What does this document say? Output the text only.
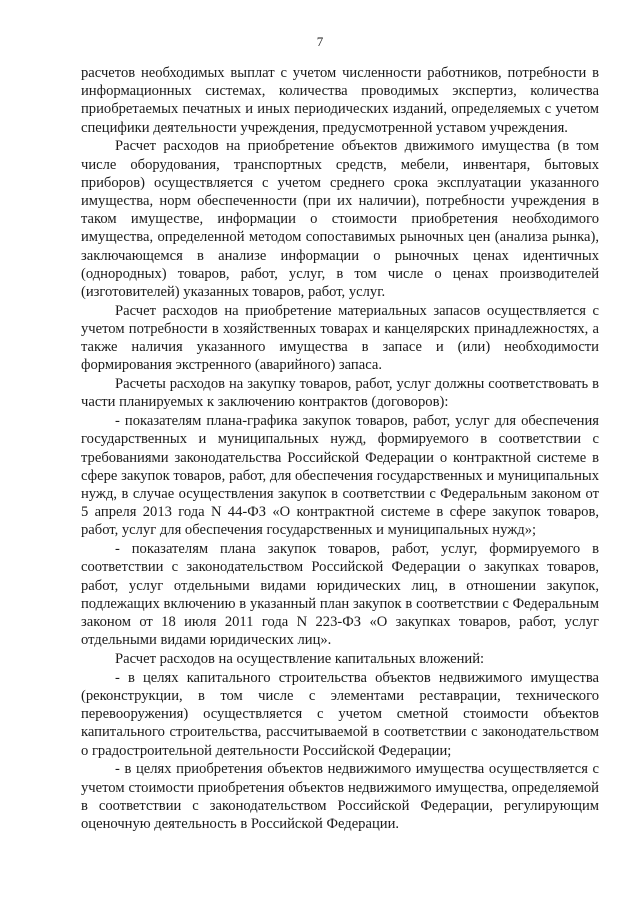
7

расчетов необходимых выплат с учетом численности работников, потребности в информационных системах, количества проводимых экспертиз, количества приобретаемых печатных и иных периодических изданий, определяемых с учетом специфики деятельности учреждения, предусмотренной уставом учреждения.

Расчет расходов на приобретение объектов движимого имущества (в том числе оборудования, транспортных средств, мебели, инвентаря, бытовых приборов) осуществляется с учетом среднего срока эксплуатации указанного имущества, норм обеспеченности (при их наличии), потребности учреждения в таком имуществе, информации о стоимости приобретения необходимого имущества, определенной методом сопоставимых рыночных цен (анализа рынка), заключающемся в анализе информации о рыночных ценах идентичных (однородных) товаров, работ, услуг, в том числе о ценах производителей (изготовителей) указанных товаров, работ, услуг.

Расчет расходов на приобретение материальных запасов осуществляется с учетом потребности в хозяйственных товарах и канцелярских принадлежностях, а также наличия указанного имущества в запасе и (или) необходимости формирования экстренного (аварийного) запаса.

Расчеты расходов на закупку товаров, работ, услуг должны соответствовать в части планируемых к заключению контрактов (договоров):

- показателям плана-графика закупок товаров, работ, услуг для обеспечения государственных и муниципальных нужд, формируемого в соответствии с требованиями законодательства Российской Федерации о контрактной системе в сфере закупок товаров, работ, для обеспечения государственных и муниципальных нужд, в случае осуществления закупок в соответствии с Федеральным законом от 5 апреля 2013 года N 44-ФЗ «О контрактной системе в сфере закупок товаров, работ, услуг для обеспечения государственных и муниципальных нужд»;

- показателям плана закупок товаров, работ, услуг, формируемого в соответствии с законодательством Российской Федерации о закупках товаров, работ, услуг отдельными видами юридических лиц, в отношении закупок, подлежащих включению в указанный план закупок в соответствии с Федеральным законом от 18 июля 2011 года N 223-ФЗ «О закупках товаров, работ, услуг отдельными видами юридических лиц».

Расчет расходов на осуществление капитальных вложений:

- в целях капитального строительства объектов недвижимого имущества (реконструкции, в том числе с элементами реставрации, технического перевооружения) осуществляется с учетом сметной стоимости объектов капитального строительства, рассчитываемой в соответствии с законодательством о градостроительной деятельности Российской Федерации;

- в целях приобретения объектов недвижимого имущества осуществляется с учетом стоимости приобретения объектов недвижимого имущества, определяемой в соответствии с законодательством Российской Федерации, регулирующим оценочную деятельность в Российской Федерации.
